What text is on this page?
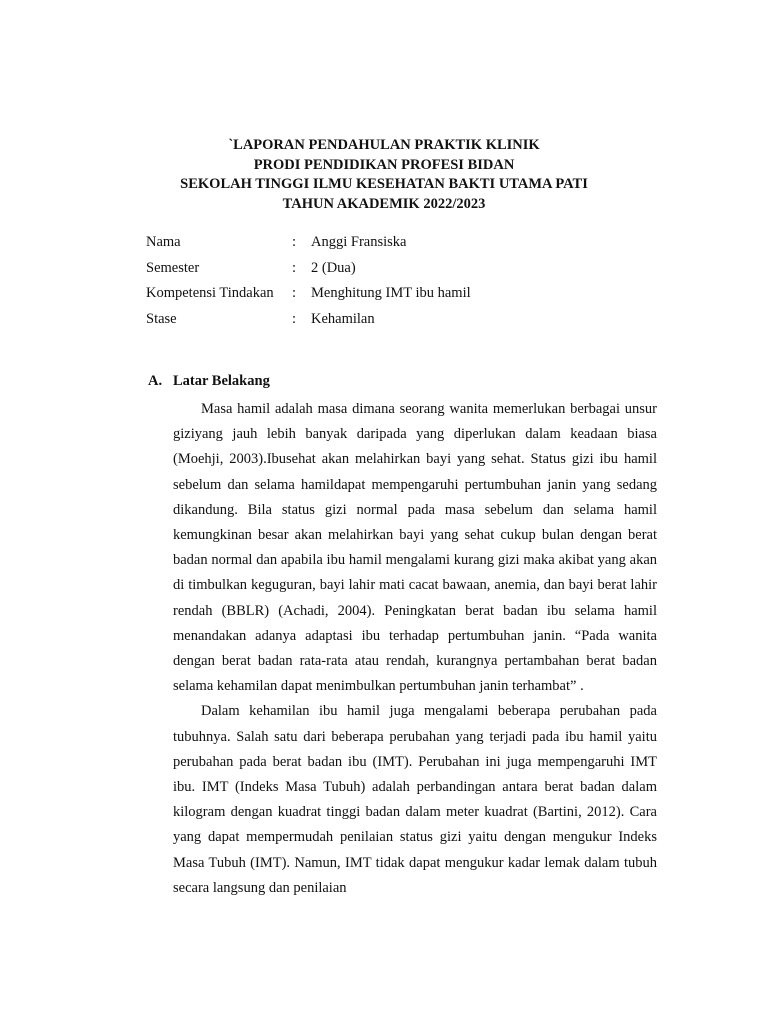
`LAPORAN PENDAHULAN PRAKTIK KLINIK
PRODI PENDIDIKAN PROFESI BIDAN
SEKOLAH TINGGI ILMU KESEHATAN BAKTI UTAMA PATI
TAHUN AKADEMIK 2022/2023
Nama	: Anggi Fransiska
Semester	: 2 (Dua)
Kompetensi Tindakan : Menghitung IMT ibu hamil
Stase	: Kehamilan
A. Latar Belakang

Masa hamil adalah masa dimana seorang wanita memerlukan berbagai unsur giziyang jauh lebih banyak daripada yang diperlukan dalam keadaan biasa (Moehji, 2003).Ibusehat akan melahirkan bayi yang sehat. Status gizi ibu hamil sebelum dan selama hamildapat mempengaruhi pertumbuhan janin yang sedang dikandung. Bila status gizi normal pada masa sebelum dan selama hamil kemungkinan besar akan melahirkan bayi yang sehat cukup bulan dengan berat badan normal dan apabila ibu hamil mengalami kurang gizi maka akibat yang akan di timbulkan keguguran, bayi lahir mati cacat bawaan, anemia, dan bayi berat lahir rendah (BBLR) (Achadi, 2004). Peningkatan berat badan ibu selama hamil menandakan adanya adaptasi ibu terhadap pertumbuhan janin. “Pada wanita dengan berat badan rata-rata atau rendah, kurangnya pertambahan berat badan selama kehamilan dapat menimbulkan pertumbuhan janin terhambat” .

Dalam kehamilan ibu hamil juga mengalami beberapa perubahan pada tubuhnya. Salah satu dari beberapa perubahan yang terjadi pada ibu hamil yaitu perubahan pada berat badan ibu (IMT). Perubahan ini juga mempengaruhi IMT ibu. IMT (Indeks Masa Tubuh) adalah perbandingan antara berat badan dalam kilogram dengan kuadrat tinggi badan dalam meter kuadrat (Bartini, 2012). Cara yang dapat mempermudah penilaian status gizi yaitu dengan mengukur Indeks Masa Tubuh (IMT). Namun, IMT tidak dapat mengukur kadar lemak dalam tubuh secara langsung dan penilaian
